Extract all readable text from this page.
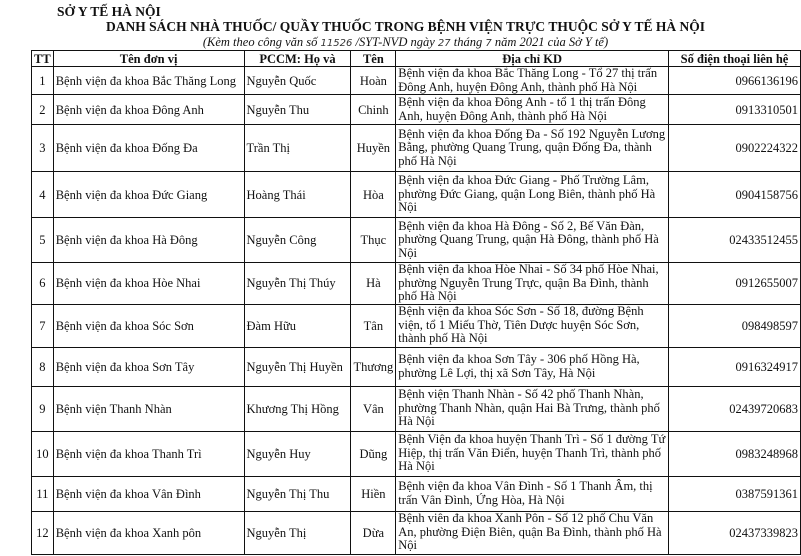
SỞ Y TẾ HÀ NỘI
DANH SÁCH NHÀ THUỐC/ QUẦY THUỐC TRONG BỆNH VIỆN TRỰC THUỘC SỞ Y TẾ HÀ NỘI
(Kèm theo công văn số 11526 /SYT-NVD ngày 27 tháng 7 năm 2021 của Sở Y tế)
TT	Tên đơn vị	PCCM: Họ và	Tên	Địa chỉ KD	Số điện thoại liên hệ
1	Bệnh viện đa khoa Bắc Thăng Long	Nguyễn Quốc	Hoàn	Bệnh viện đa khoa Bắc Thăng Long - Tổ 27 thị trấn Đông Anh, huyện Đông Anh, thành phố Hà Nội	0966136196
2	Bệnh viện đa khoa Đông Anh	Nguyễn Thu	Chinh	Bệnh viện đa khoa Đông Anh - tổ 1 thị trấn Đông Anh, huyện Đông Anh, thành phố Hà Nội	0913310501
3	Bệnh viện đa khoa Đống Đa	Trần Thị	Huyền	Bệnh viện đa khoa Đống Đa - Số 192 Nguyễn Lương Bằng, phường Quang Trung, quận Đống Đa, thành phố Hà Nội	0902224322
4	Bệnh viện đa khoa Đức Giang	Hoàng Thái	Hòa	Bệnh viện đa khoa Đức Giang - Phố Trường Lâm, phường Đức Giang, quận Long Biên, thành phố Hà Nội	0904158756
5	Bệnh viện đa khoa Hà Đông	Nguyễn Công	Thục	Bệnh viện đa khoa Hà Đông - Số 2, Bế Văn Đàn, phường Quang Trung, quận Hà Đông, thành phố Hà Nội	02433512455
6	Bệnh viện đa khoa Hòe Nhai	Nguyễn Thị Thúy	Hà	Bệnh viện đa khoa Hòe Nhai - Số 34 phố Hòe Nhai, phường Nguyễn Trung Trực, quận Ba Đình, thành phố Hà Nội	0912655007
7	Bệnh viện đa khoa Sóc Sơn	Đàm Hữu	Tân	Bệnh viện đa khoa Sóc Sơn - Số 18, đường Bệnh viện, tổ 1 Miếu Thờ, Tiên Dược huyện Sóc Sơn, thành phố Hà Nội	098498597
8	Bệnh viện đa khoa Sơn Tây	Nguyễn Thị Huyền	Thương	Bệnh viện đa khoa Sơn Tây - 306 phố Hồng Hà, phường Lê Lợi, thị xã Sơn Tây, Hà Nội	0916324917
9	Bệnh viện Thanh Nhàn	Khương Thị Hồng	Vân	Bệnh viện Thanh Nhàn - Số 42 phố Thanh Nhàn, phường Thanh Nhàn, quận Hai Bà Trưng, thành phố Hà Nội	02439720683
10	Bệnh viện đa khoa Thanh Trì	Nguyễn Huy	Dũng	Bệnh Viện đa khoa huyện Thanh Trì - Số 1 đường Tứ Hiệp, thị trấn Văn Điển, huyện Thanh Trì, thành phố Hà Nội	0983248968
11	Bệnh viện đa khoa Vân Đình	Nguyễn Thị Thu	Hiền	Bệnh viện đa khoa Vân Đình - Số 1 Thanh Âm, thị trấn Vân Đình, Ứng Hòa, Hà Nội	0387591361
12	Bệnh viện đa khoa Xanh pôn	Nguyễn Thị	Dừa	Bệnh viên đa khoa Xanh Pôn - Số 12 phố Chu Văn An, phường Điện Biên, quận Ba Đình, thành phố Hà Nội	02437339823
